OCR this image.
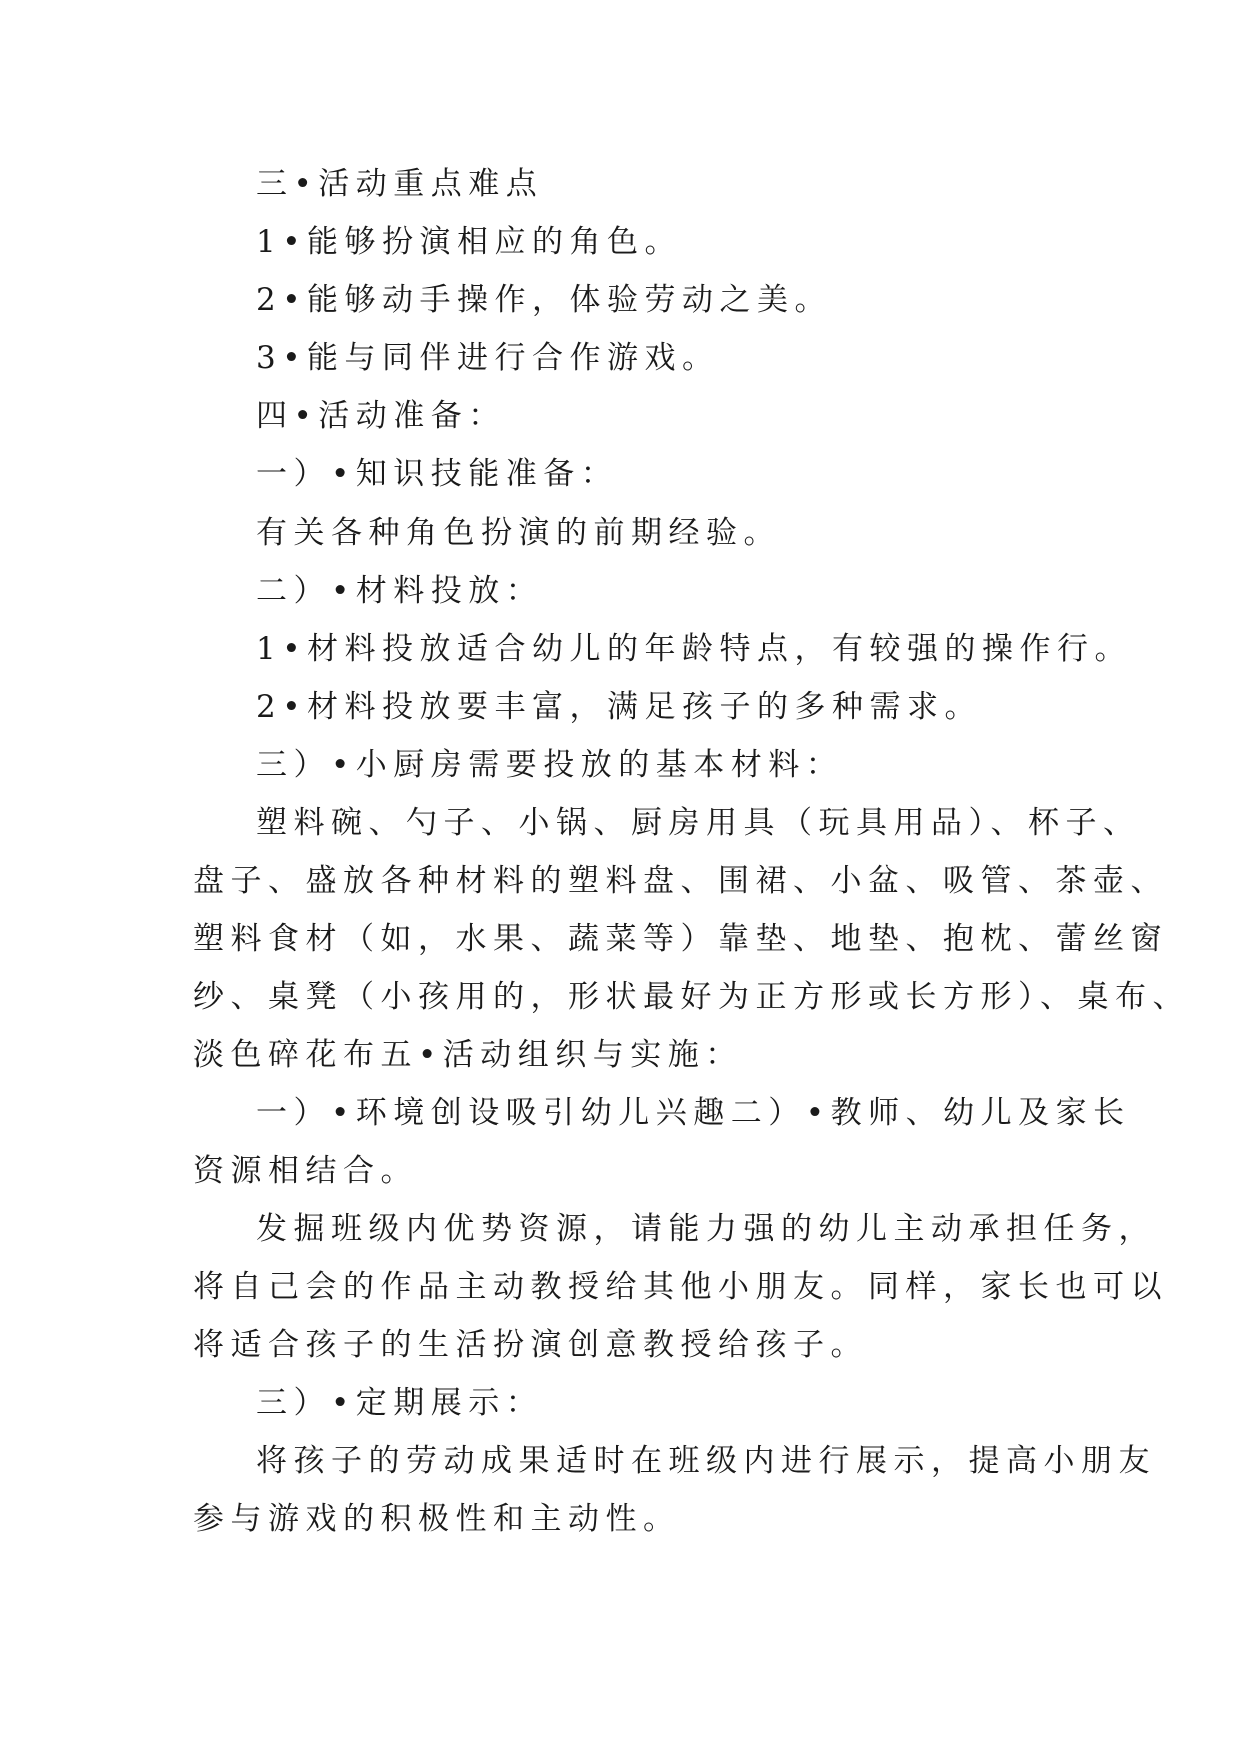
三•活动重点难点
1•能够扮演相应的角色。
2•能够动手操作，体验劳动之美。
3•能与同伴进行合作游戏。
四•活动准备：
一）•知识技能准备：
有关各种角色扮演的前期经验。
二）•材料投放：
1•材料投放适合幼儿的年龄特点，有较强的操作行。
2•材料投放要丰富，满足孩子的多种需求。
三）•小厨房需要投放的基本材料：
塑料碗、勺子、小锅、厨房用具（玩具用品）、杯子、
盘子、盛放各种材料的塑料盘、围裙、小盆、吸管、茶壶、
塑料食材（如，水果、蔬菜等）靠垫、地垫、抱枕、蕾丝窗
纱、桌凳（小孩用的，形状最好为正方形或长方形）、桌布、
淡色碎花布五•活动组织与实施：
一）•环境创设吸引幼儿兴趣二）•教师、幼儿及家长
资源相结合。
发掘班级内优势资源，请能力强的幼儿主动承担任务，
将自己会的作品主动教授给其他小朋友。同样，家长也可以
将适合孩子的生活扮演创意教授给孩子。
三）•定期展示：
将孩子的劳动成果适时在班级内进行展示，提高小朋友
参与游戏的积极性和主动性。
